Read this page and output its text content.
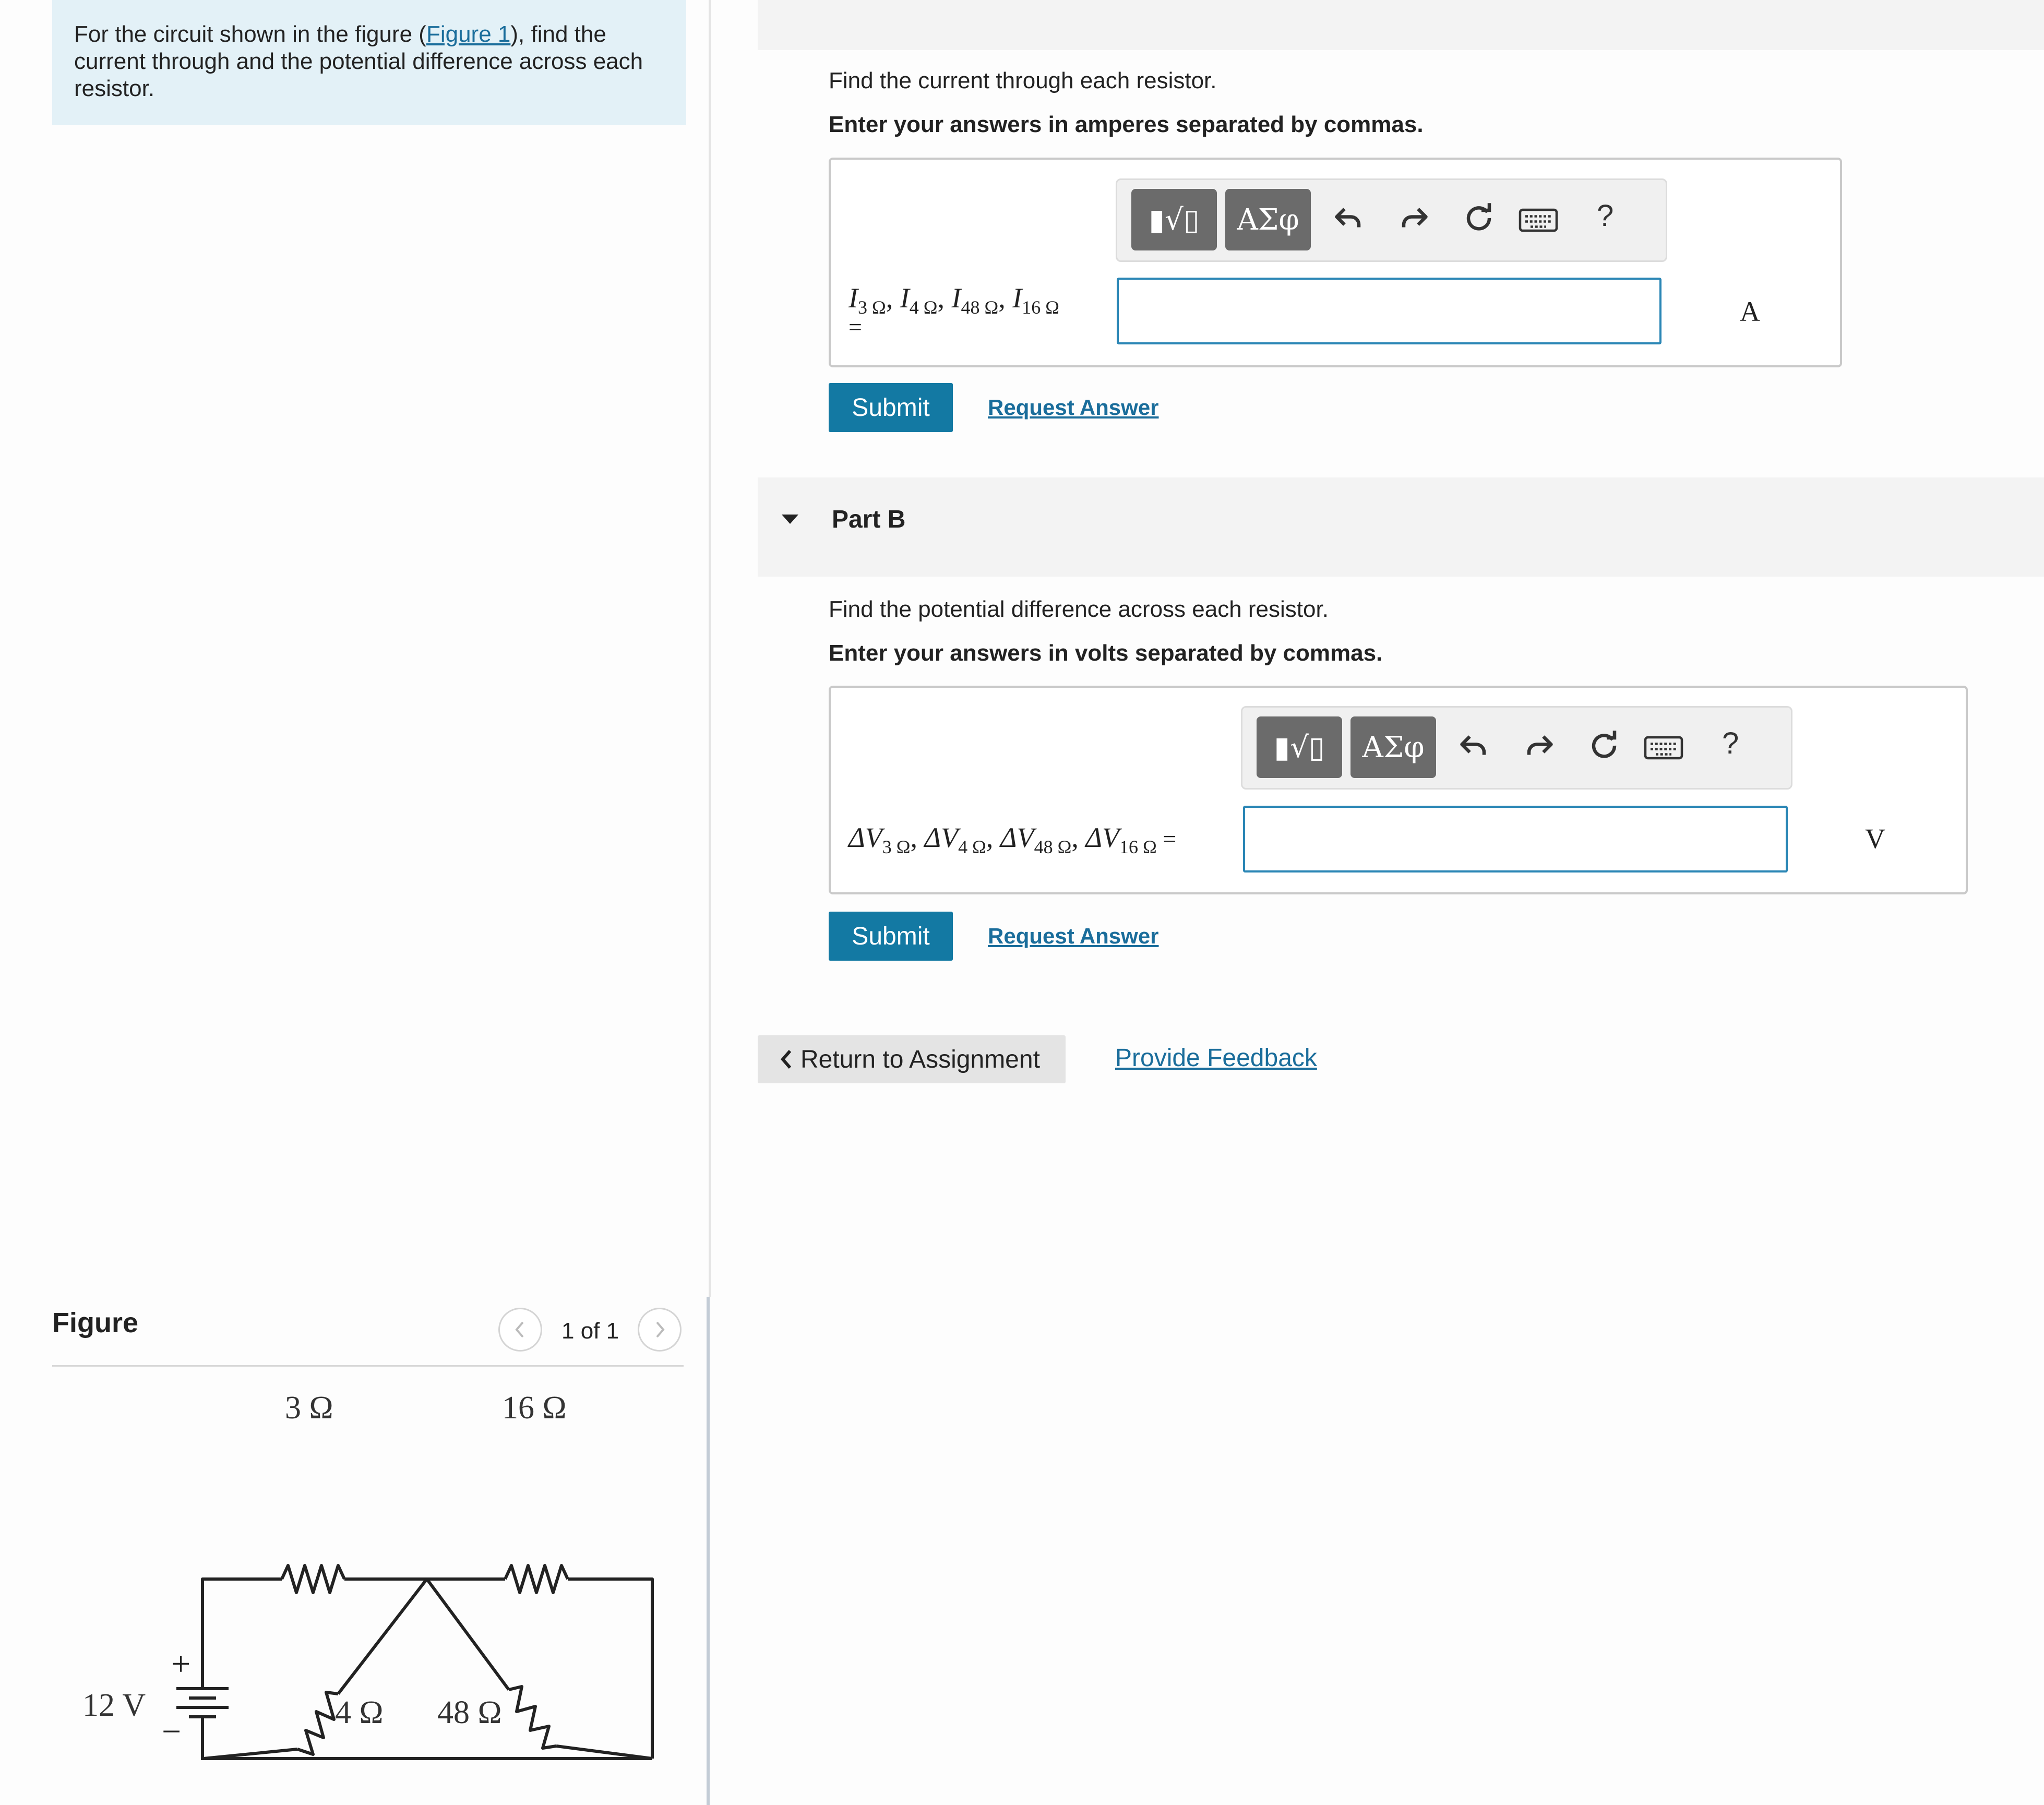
For the circuit shown in the figure (Figure 1), find the current through and the potential difference across each resistor.	Find the current through each resistor.
Enter your answers in amperes separated by commas.
▮√▯	ΑΣφ	?
$I_{3 \Omega}$, $I_{4 \Omega}$, $I_{48 \Omega}$, $I_{16 \Omega}$
=	A
Submit	Request Answer
Part B
Find the potential difference across each resistor.
Enter your answers in volts separated by commas.
▮√▯	ΑΣφ	?
$\Delta V_{3 \Omega}$, $\Delta V_{4 \Omega}$, $\Delta V_{48 \Omega}$, $\Delta V_{16 \Omega}$ =	V
Submit	Request Answer
Return to Assignment	Provide Feedback
Figure	1 of 1
+
−
12 V
3 Ω	16 Ω
4 Ω 48 Ω
